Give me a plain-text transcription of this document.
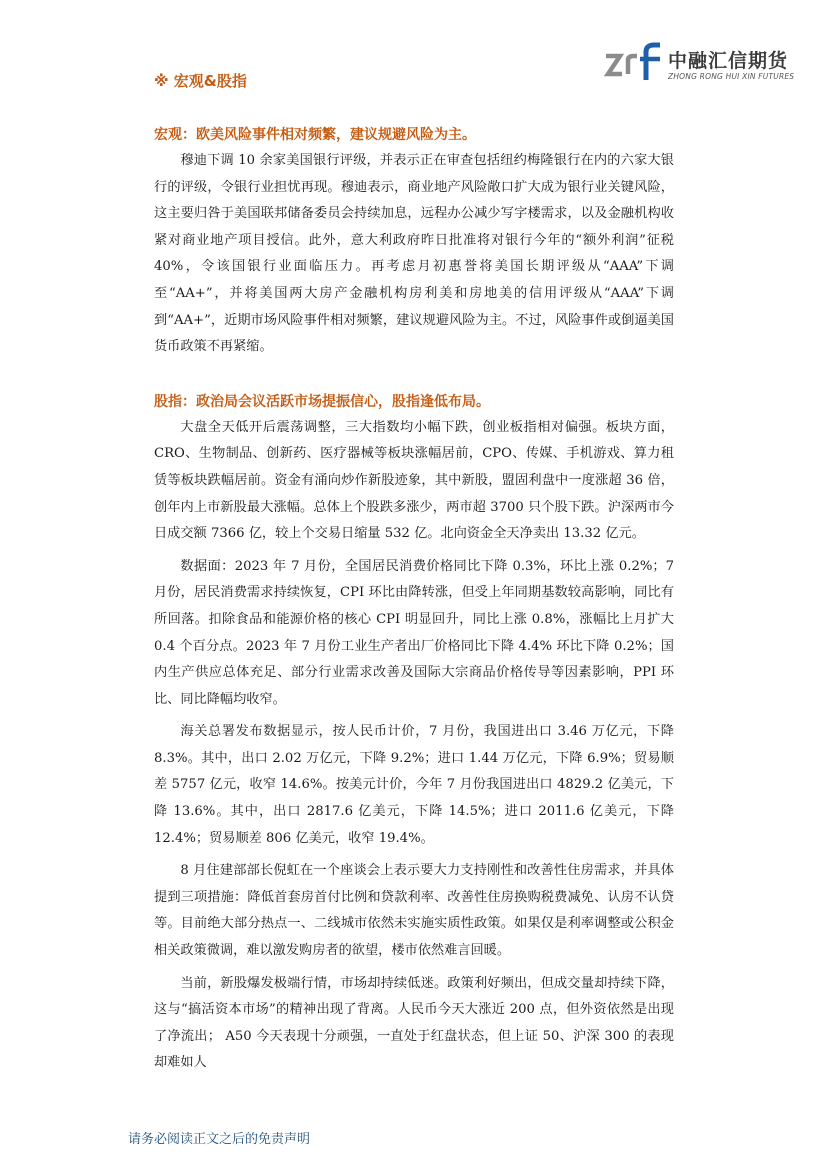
中融汇信期货
ZHONG RONG HUI XIN FUTURES
※ 宏观&股指
宏观：欧美风险事件相对频繁，建议规避风险为主。

穆迪下调 10 余家美国银行评级，并表示正在审查包括纽约梅隆银行在内的六家大银行的评级，令银行业担忧再现。穆迪表示，商业地产风险敞口扩大成为银行业关键风险，这主要归咎于美国联邦储备委员会持续加息，远程办公减少写字楼需求，以及金融机构收紧对商业地产项目授信。此外，意大利政府昨日批准将对银行今年的“额外利润”征税 40%，令该国银行业面临压力。再考虑月初惠誉将美国长期评级从“AAA”下调至“AA+”，并将美国两大房产金融机构房利美和房地美的信用评级从“AAA”下调到“AA+”，近期市场风险事件相对频繁，建议规避风险为主。不过，风险事件或倒逼美国货币政策不再紧缩。

股指：政治局会议活跃市场提振信心，股指逢低布局。

大盘全天低开后震荡调整，三大指数均小幅下跌，创业板指相对偏强。板块方面，CRO、生物制品、创新药、医疗器械等板块涨幅居前，CPO、传媒、手机游戏、算力租赁等板块跌幅居前。资金有涌向炒作新股迹象，其中新股，盟固利盘中一度涨超 36 倍，创年内上市新股最大涨幅。总体上个股跌多涨少，两市超 3700 只个股下跌。沪深两市今日成交额 7366 亿，较上个交易日缩量 532 亿。北向资金全天净卖出 13.32 亿元。

数据面：2023 年 7 月份，全国居民消费价格同比下降 0.3%，环比上涨 0.2%；7 月份，居民消费需求持续恢复，CPI 环比由降转涨，但受上年同期基数较高影响，同比有所回落。扣除食品和能源价格的核心 CPI 明显回升，同比上涨 0.8%，涨幅比上月扩大 0.4 个百分点。2023 年 7 月份工业生产者出厂价格同比下降 4.4% 环比下降 0.2%；国内生产供应总体充足、部分行业需求改善及国际大宗商品价格传导等因素影响，PPI 环比、同比降幅均收窄。

海关总署发布数据显示，按人民币计价，7 月份，我国进出口 3.46 万亿元，下降 8.3%。其中，出口 2.02 万亿元，下降 9.2%；进口 1.44 万亿元，下降 6.9%；贸易顺差 5757 亿元，收窄 14.6%。按美元计价，今年 7 月份我国进出口 4829.2 亿美元，下降 13.6%。其中，出口 2817.6 亿美元，下降 14.5%；进口 2011.6 亿美元，下降 12.4%；贸易顺差 806 亿美元，收窄 19.4%。

8 月住建部部长倪虹在一个座谈会上表示要大力支持刚性和改善性住房需求，并具体提到三项措施：降低首套房首付比例和贷款利率、改善性住房换购税费减免、认房不认贷等。目前绝大部分热点一、二线城市依然未实施实质性政策。如果仅是利率调整或公积金相关政策微调，难以激发购房者的欲望，楼市依然难言回暖。

当前，新股爆发极端行情，市场却持续低迷。政策利好频出，但成交量却持续下降，这与“搞活资本市场”的精神出现了背离。人民币今天大涨近 200 点，但外资依然是出现了净流出； A50 今天表现十分顽强，一直处于红盘状态，但上证 50、沪深 300 的表现却难如人

请务必阅读正文之后的免责声明
